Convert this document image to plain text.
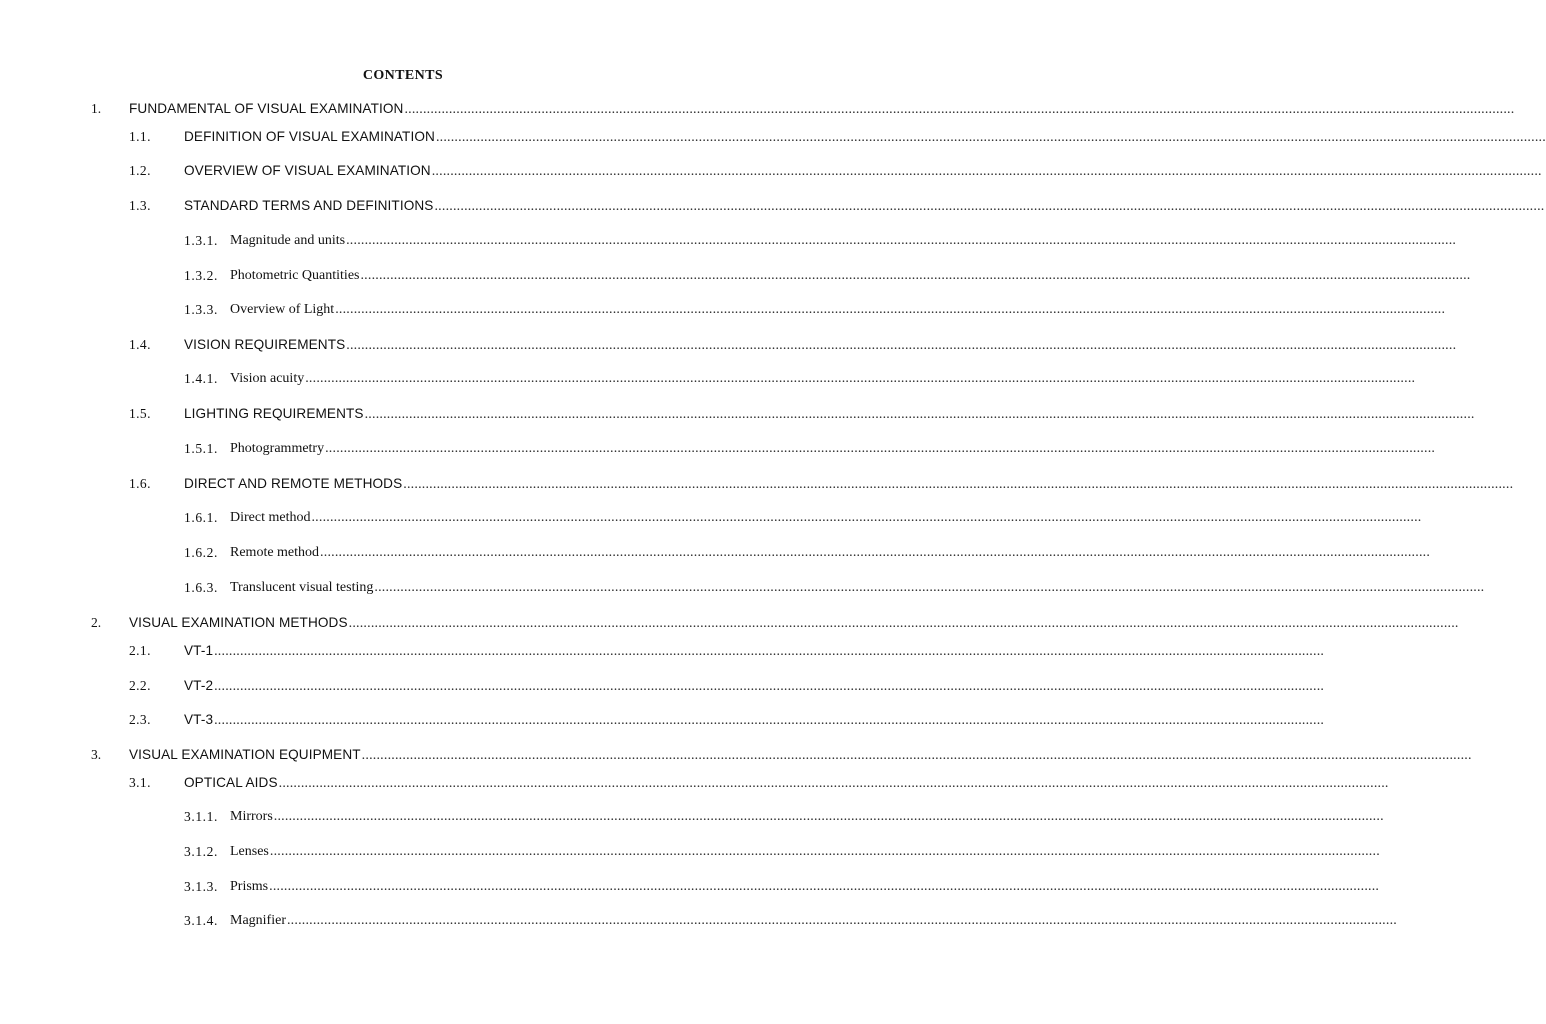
CONTENTS
1. FUNDAMENTAL OF VISUAL EXAMINATION............................................................................................................................................................................................................................................................................................................
1.1. DEFINITION OF VISUAL EXAMINATION............................................................................................................................................................................................................................................................................................................
1.2. OVERVIEW OF VISUAL EXAMINATION............................................................................................................................................................................................................................................................................................................
1.3. STANDARD TERMS AND DEFINITIONS............................................................................................................................................................................................................................................................................................................
1.3.1. Magnitude and units............................................................................................................................................................................................................................................................................................................
1.3.2. Photometric Quantities............................................................................................................................................................................................................................................................................................................
1.3.3. Overview of Light............................................................................................................................................................................................................................................................................................................
1.4. VISION REQUIREMENTS............................................................................................................................................................................................................................................................................................................
1.4.1. Vision acuity............................................................................................................................................................................................................................................................................................................
1.5. LIGHTING REQUIREMENTS............................................................................................................................................................................................................................................................................................................
1.5.1. Photogrammetry............................................................................................................................................................................................................................................................................................................
1.6. DIRECT AND REMOTE METHODS............................................................................................................................................................................................................................................................................................................
1.6.1. Direct method............................................................................................................................................................................................................................................................................................................
1.6.2. Remote method............................................................................................................................................................................................................................................................................................................
1.6.3. Translucent visual testing............................................................................................................................................................................................................................................................................................................
2. VISUAL EXAMINATION METHODS............................................................................................................................................................................................................................................................................................................
2.1. VT-1............................................................................................................................................................................................................................................................................................................
2.2. VT-2............................................................................................................................................................................................................................................................................................................
2.3. VT-3............................................................................................................................................................................................................................................................................................................
3. VISUAL EXAMINATION EQUIPMENT............................................................................................................................................................................................................................................................................................................
3.1. OPTICAL AIDS............................................................................................................................................................................................................................................................................................................
3.1.1. Mirrors............................................................................................................................................................................................................................................................................................................
3.1.2. Lenses............................................................................................................................................................................................................................................................................................................
3.1.3. Prisms............................................................................................................................................................................................................................................................................................................
3.1.4. Magnifier............................................................................................................................................................................................................................................................................................................
